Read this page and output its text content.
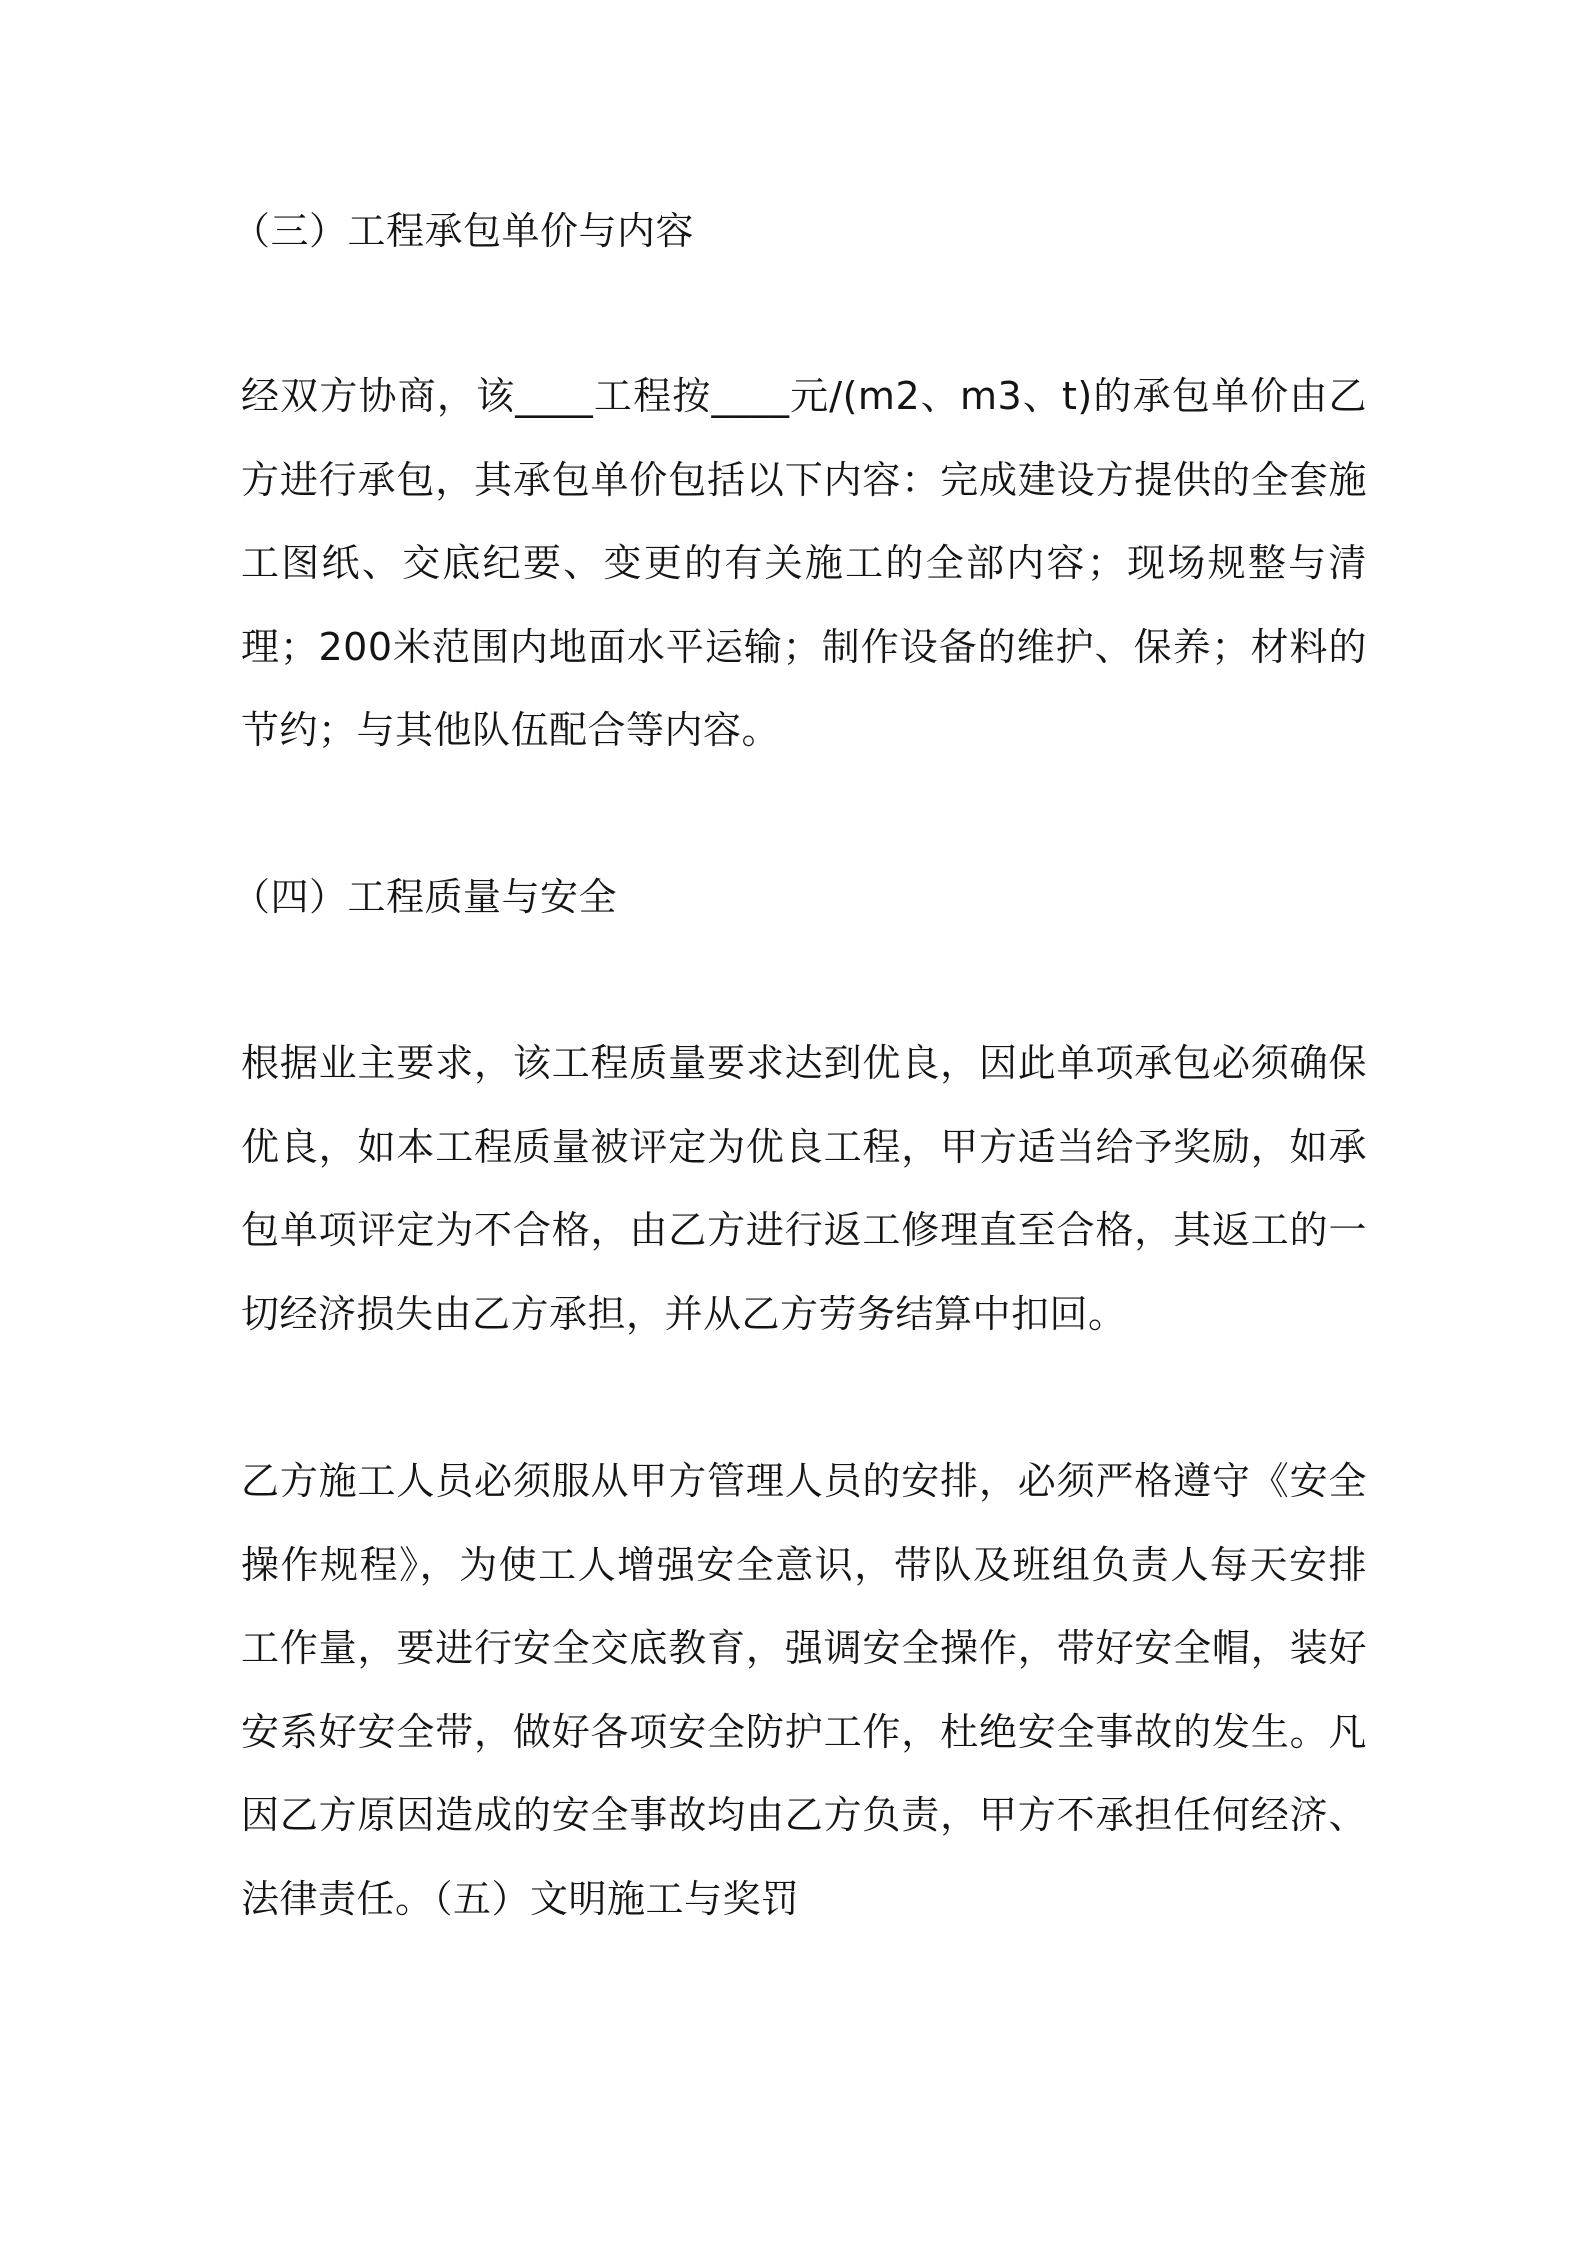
（三）工程承包单价与内容

经双方协商，该____工程按____元/(m2、m3、t)的承包单价由乙方进行承包，其承包单价包括以下内容：完成建设方提供的全套施工图纸、交底纪要、变更的有关施工的全部内容；现场规整与清理；200米范围内地面水平运输；制作设备的维护、保养；材料的节约；与其他队伍配合等内容。

（四）工程质量与安全

根据业主要求，该工程质量要求达到优良，因此单项承包必须确保优良，如本工程质量被评定为优良工程，甲方适当给予奖励，如承包单项评定为不合格，由乙方进行返工修理直至合格，其返工的一切经济损失由乙方承担，并从乙方劳务结算中扣回。

乙方施工人员必须服从甲方管理人员的安排，必须严格遵守《安全操作规程》，为使工人增强安全意识，带队及班组负责人每天安排工作量，要进行安全交底教育，强调安全操作，带好安全帽，装好安系好安全带，做好各项安全防护工作，杜绝安全事故的发生。凡因乙方原因造成的安全事故均由乙方负责，甲方不承担任何经济、法律责任。（五）文明施工与奖罚
